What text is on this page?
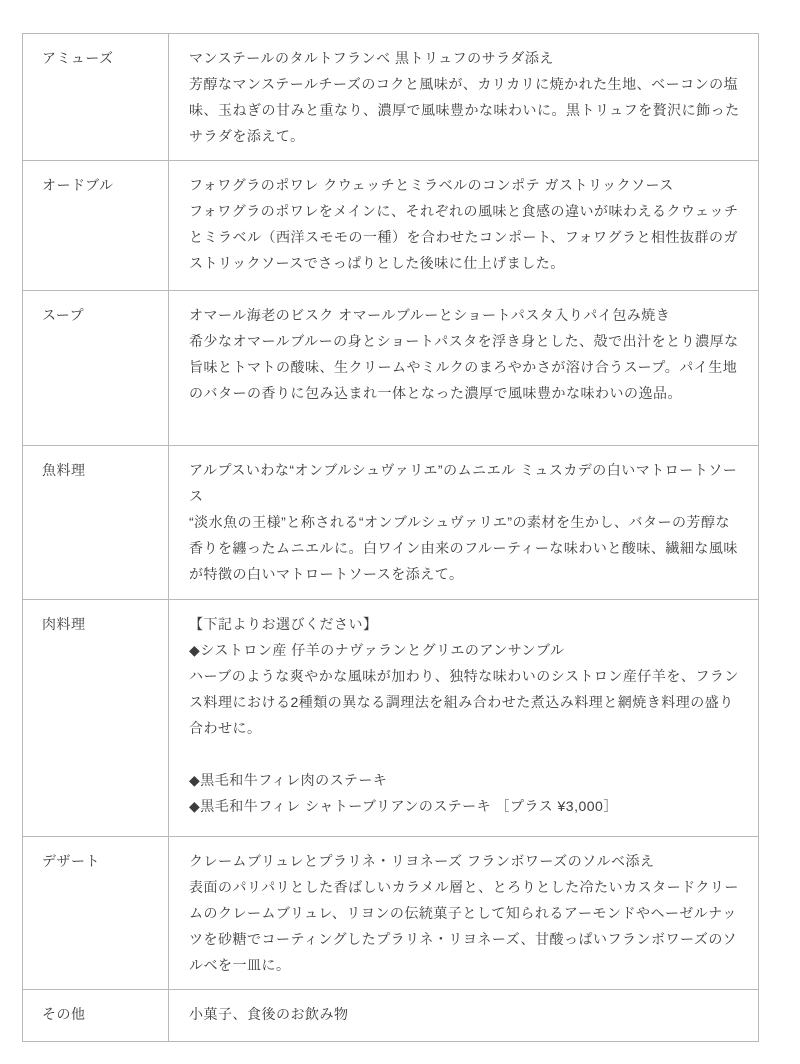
アミューズ	マンステールのタルトフランベ 黒トリュフのサラダ添え

芳醇なマンステールチーズのコクと風味が、カリカリに焼かれた生地、ベーコンの塩味、玉ねぎの甘みと重なり、濃厚で風味豊かな味わいに。黒トリュフを贅沢に飾ったサラダを添えて。

オードブル	フォワグラのポワレ クウェッチとミラベルのコンポテ ガストリックソース

フォワグラのポワレをメインに、それぞれの風味と食感の違いが味わえるクウェッチとミラベル（西洋スモモの一種）を合わせたコンポート、フォワグラと相性抜群のガストリックソースでさっぱりとした後味に仕上げました。

スープ	オマール海老のビスク オマールブルーとショートパスタ入りパイ包み焼き

希少なオマールブルーの身とショートパスタを浮き身とした、殻で出汁をとり濃厚な旨味とトマトの酸味、生クリームやミルクのまろやかさが溶け合うスープ。パイ生地のバターの香りに包み込まれ一体となった濃厚で風味豊かな味わいの逸品。

魚料理	アルプスいわな“オンブルシュヴァリエ”のムニエル ミュスカデの白いマトロートソース

“淡水魚の王様”と称される“オンブルシュヴァリエ”の素材を生かし、バターの芳醇な香りを纏ったムニエルに。白ワイン由来のフルーティーな味わいと酸味、繊細な風味が特徴の白いマトロートソースを添えて。

肉料理	【下記よりお選びください】

◆シストロン産 仔羊のナヴァランとグリエのアンサンブル

ハーブのような爽やかな風味が加わり、独特な味わいのシストロン産仔羊を、フランス料理における2種類の異なる調理法を組み合わせた煮込み料理と網焼き料理の盛り合わせに。

◆黒毛和牛フィレ肉のステーキ

◆黒毛和牛フィレ シャトーブリアンのステーキ ［プラス ¥3,000］

デザート	クレームブリュレとプラリネ・リヨネーズ フランボワーズのソルベ添え

表面のパリパリとした香ばしいカラメル層と、とろりとした冷たいカスタードクリームのクレームブリュレ、リヨンの伝統菓子として知られるアーモンドやヘーゼルナッツを砂糖でコーティングしたプラリネ・リヨネーズ、甘酸っぱいフランボワーズのソルベを一皿に。

その他	小菓子、食後のお飲み物
